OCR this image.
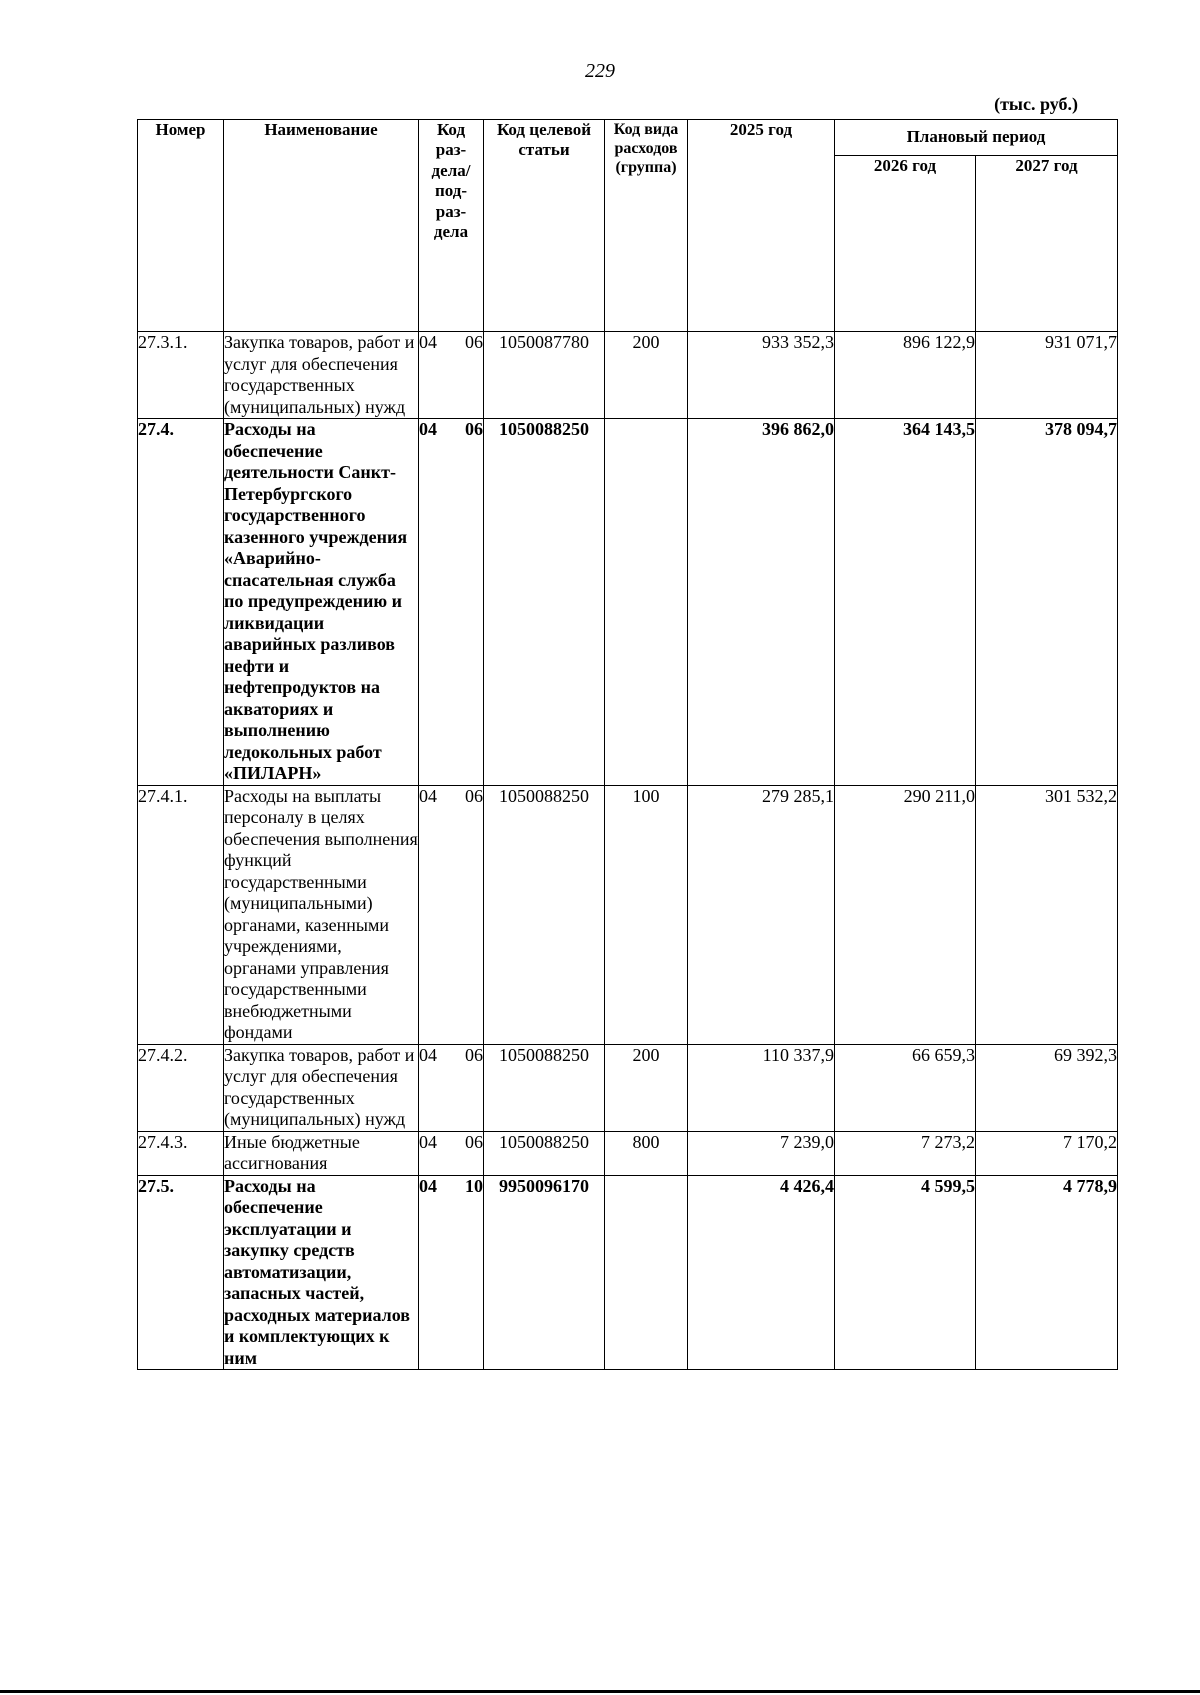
229
(тыс. руб.)
Номер	Наименование	Код раз-дела/ под-раз-дела	Код целевой статьи	Код вида расходов (группа)	2025 год	Плановый период	
						2026 год	2027 год
27.3.1.	Закупка товаров, работ и услуг для обеспечения государственных (муниципальных) нужд	04 06	1050087780	200	933 352,3	896 122,9	931 071,7
27.4.	Расходы на обеспечение деятельности Санкт-Петербургского государственного казенного учреждения «Аварийно-спасательная служба по предупреждению и ликвидации аварийных разливов нефти и нефтепродуктов на акваториях и выполнению ледокольных работ «ПИЛАРН»	04 06	1050088250		396 862,0	364 143,5	378 094,7
27.4.1.	Расходы на выплаты персоналу в целях обеспечения выполнения функций государственными (муниципальными) органами, казенными учреждениями, органами управления государственными внебюджетными фондами	04 06	1050088250	100	279 285,1	290 211,0	301 532,2
27.4.2.	Закупка товаров, работ и услуг для обеспечения государственных (муниципальных) нужд	04 06	1050088250	200	110 337,9	66 659,3	69 392,3
27.4.3.	Иные бюджетные ассигнования	04 06	1050088250	800	7 239,0	7 273,2	7 170,2
27.5.	Расходы на обеспечение эксплуатации и закупку средств автоматизации, запасных частей, расходных материалов и комплектующих к ним	04 10	9950096170		4 426,4	4 599,5	4 778,9
